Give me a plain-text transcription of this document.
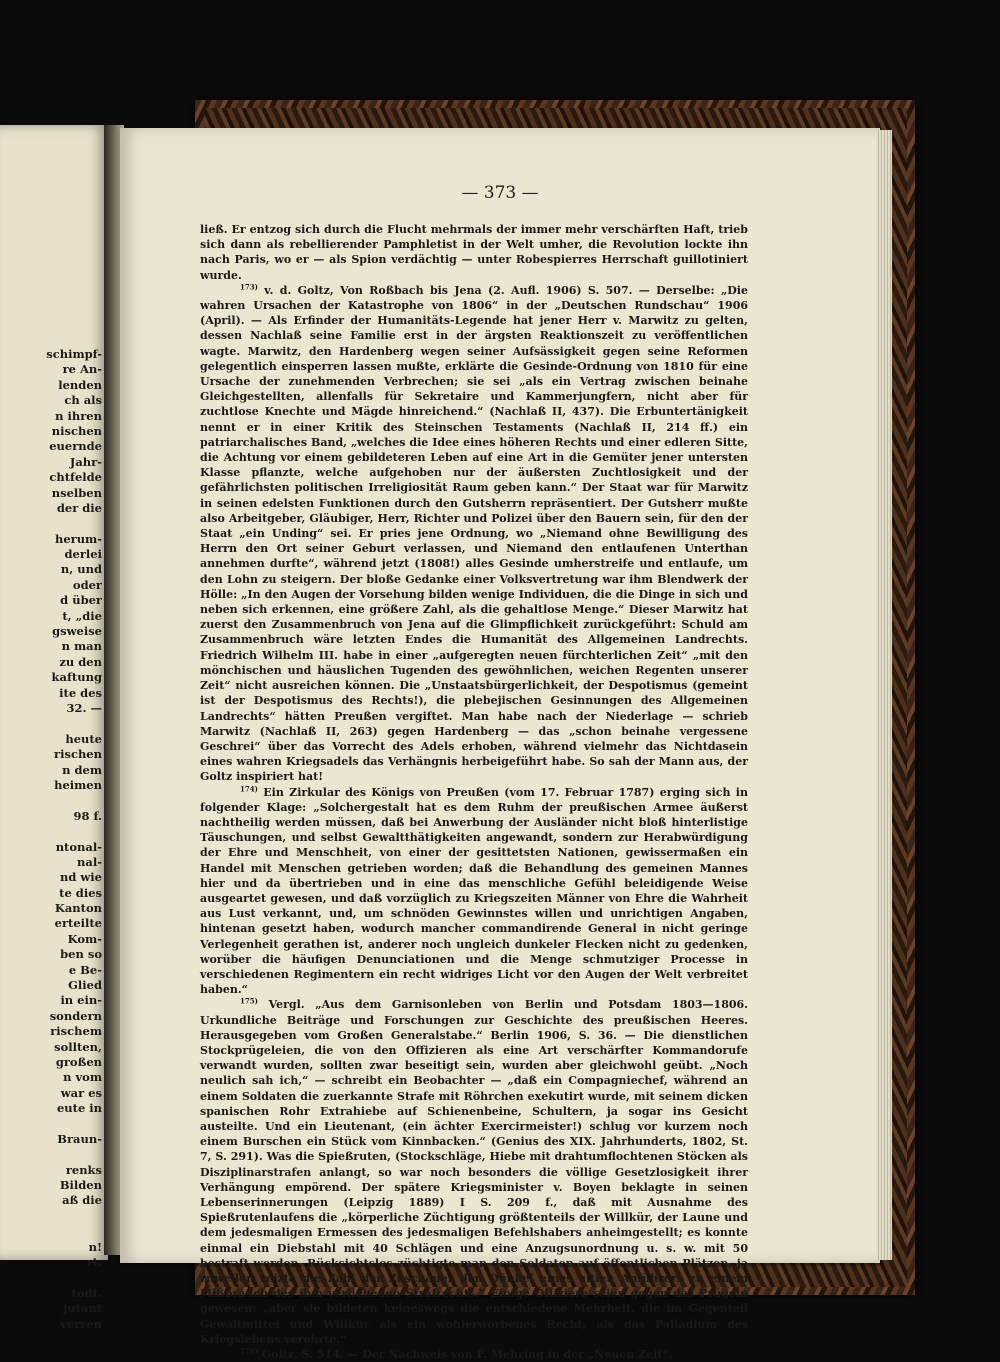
schimpf-
re An-
lenden
ch als
n ihren
nischen
euernde
Jahr-
chtfelde
nselben
der die
herum-
derlei
n, und
oder
d über
t, „die
gsweise
n man
zu den
kaftung
ite des
32. —
heute
rischen
n dem
heimen
98 f.
ntonal-
nal-
nd wie
te dies
Kanton
erteilte
Kom-
ben so
e Be-
Glied
in ein-
sondern
rischem
sollten,
großen
n vom
war es
eute in
Braun-
renks
Bilden
aß die
n!
rt.
todt.
jutant
verren
— 373 —

ließ. Er entzog sich durch die Flucht mehrmals der immer mehr verschärften Haft, trieb sich dann als rebellierender Pamphletist in der Welt umher, die Revolution lockte ihn nach Paris, wo er — als Spion verdächtig — unter Robespierres Herrschaft guillotiniert wurde.

$^{173)}$ v. d. Goltz, Von Roßbach bis Jena (2. Aufl. 1906) S. 507. — Derselbe: „Die wahren Ursachen der Katastrophe von 1806“ in der „Deutschen Rundschau“ 1906 (April). — Als Erfinder der Humanitäts-Legende hat jener Herr v. Marwitz zu gelten, dessen Nachlaß seine Familie erst in der ärgsten Reaktionszeit zu veröffentlichen wagte. Marwitz, den Hardenberg wegen seiner Aufsässigkeit gegen seine Reformen gelegentlich einsperren lassen mußte, erklärte die Gesinde-Ordnung von 1810 für eine Ursache der zunehmenden Verbrechen; sie sei „als ein Vertrag zwischen beinahe Gleichgestellten, allenfalls für Sekretaire und Kammerjungfern, nicht aber für zuchtlose Knechte und Mägde hinreichend.“ (Nachlaß II, 437). Die Erbuntertänigkeit nennt er in einer Kritik des Steinschen Testaments (Nachlaß II, 214 ff.) ein patriarchalisches Band, „welches die Idee eines höheren Rechts und einer edleren Sitte, die Achtung vor einem gebildeteren Leben auf eine Art in die Gemüter jener untersten Klasse pflanzte, welche aufgehoben nur der äußersten Zuchtlosigkeit und der gefährlichsten politischen Irreligiosität Raum geben kann.“ Der Staat war für Marwitz in seinen edelsten Funktionen durch den Gutsherrn repräsentiert. Der Gutsherr mußte also Arbeitgeber, Gläubiger, Herr, Richter und Polizei über den Bauern sein, für den der Staat „ein Unding“ sei. Er pries jene Ordnung, wo „Niemand ohne Bewilligung des Herrn den Ort seiner Geburt verlassen, und Niemand den entlaufenen Unterthan annehmen durfte“, während jetzt (1808!) alles Gesinde umherstreife und entlaufe, um den Lohn zu steigern. Der bloße Gedanke einer Volksvertretung war ihm Blendwerk der Hölle: „In den Augen der Vorsehung bilden wenige Individuen, die die Dinge in sich und neben sich erkennen, eine größere Zahl, als die gehaltlose Menge.“ Dieser Marwitz hat zuerst den Zusammenbruch von Jena auf die Glimpflichkeit zurückgeführt: Schuld am Zusammenbruch wäre letzten Endes die Humanität des Allgemeinen Landrechts. Friedrich Wilhelm III. habe in einer „aufgeregten neuen fürchterlichen Zeit“ „mit den mönchischen und häuslichen Tugenden des gewöhnlichen, weichen Regenten unserer Zeit“ nicht ausreichen können. Die „Unstaatsbürgerlichkeit, der Despotismus (gemeint ist der Despotismus des Rechts!), die plebejischen Gesinnungen des Allgemeinen Landrechts“ hätten Preußen vergiftet. Man habe nach der Niederlage — schrieb Marwitz (Nachlaß II, 263) gegen Hardenberg — das „schon beinahe vergessene Geschrei“ über das Vorrecht des Adels erhoben, während vielmehr das Nichtdasein eines wahren Kriegsadels das Verhängnis herbeigeführt habe. So sah der Mann aus, der Goltz inspiriert hat!

$^{174)}$ Ein Zirkular des Königs von Preußen (vom 17. Februar 1787) erging sich in folgender Klage: „Solchergestalt hat es dem Ruhm der preußischen Armee äußerst nachtheilig werden müssen, daß bei Anwerbung der Ausländer nicht bloß hinterlistige Täuschungen, und selbst Gewaltthätigkeiten angewandt, sondern zur Herabwürdigung der Ehre und Menschheit, von einer der gesittetsten Nationen, gewissermaßen ein Handel mit Menschen getrieben worden; daß die Behandlung des gemeinen Mannes hier und da übertrieben und in eine das menschliche Gefühl beleidigende Weise ausgeartet gewesen, und daß vorzüglich zu Kriegszeiten Männer von Ehre die Wahrheit aus Lust verkannt, und, um schnöden Gewinnstes willen und unrichtigen Angaben, hintenan gesetzt haben, wodurch mancher commandirende General in nicht geringe Verlegenheit gerathen ist, anderer noch ungleich dunkeler Flecken nicht zu gedenken, worüber die häufigen Denunciationen und die Menge schmutziger Processe in verschiedenen Regimentern ein recht widriges Licht vor den Augen der Welt verbreitet haben.“

$^{175)}$ Vergl. „Aus dem Garnisonleben von Berlin und Potsdam 1803—1806. Urkundliche Beiträge und Forschungen zur Geschichte des preußischen Heeres. Herausgegeben vom Großen Generalstabe.“ Berlin 1906, S. 36. — Die dienstlichen Stockprügeleien, die von den Offizieren als eine Art verschärfter Kommandorufe verwandt wurden, sollten zwar beseitigt sein, wurden aber gleichwohl geübt. „Noch neulich sah ich,“ — schreibt ein Beobachter — „daß ein Compagniechef, während an einem Soldaten die zuerkannte Strafe mit Röhrchen exekutirt wurde, mit seinem dicken spanischen Rohr Extrahiebe auf Schienenbeine, Schultern, ja sogar ins Gesicht austeilte. Und ein Lieutenant, (ein ächter Exercirmeister!) schlug vor kurzem noch einem Burschen ein Stück vom Kinnbacken.“ (Genius des XIX. Jahrhunderts, 1802, St. 7, S. 291). Was die Spießruten, (Stockschläge, Hiebe mit drahtumflochtenen Stöcken als Disziplinarstrafen anlangt, so war noch besonders die völlige Gesetzlosigkeit ihrer Verhängung empörend. Der spätere Kriegsminister v. Boyen beklagte in seinen Lebenserinnerungen (Leipzig 1889) I S. 209 f., daß mit Ausnahme des Spießrutenlaufens die „körperliche Züchtigung größtenteils der Willkür, der Laune und dem jedesmaligen Ermessen des jedesmaligen Befehlshabers anheimgestellt; es konnte einmal ein Diebstahl mit 40 Schlägen und eine Anzugsunordnung u. s. w. mit 50 bestraft werden. Rücksichtslos züchtigte man den Soldaten auf öffentlichen Plätzen, ja zuweilen reizte die Zahl der Zuschauer den Dünkel eines eitlen Anführers zu einem Mißbrauch des ihm verliehenen Strafrechts.“ Einige Offiziere seien gegen das Prügeln gewesen; „aber sie bildeten keineswegs die entschiedene Mehrheit, die im Gegenteil Gewaltmittel und Willkür als ein wohlerworbenes Recht, als das Palladium des Kriegslebens verehrte.“

$^{176)}$ Goltz, S. 514. — Der Nachweis von F. Mehring in der „Neuen Zeit“.
